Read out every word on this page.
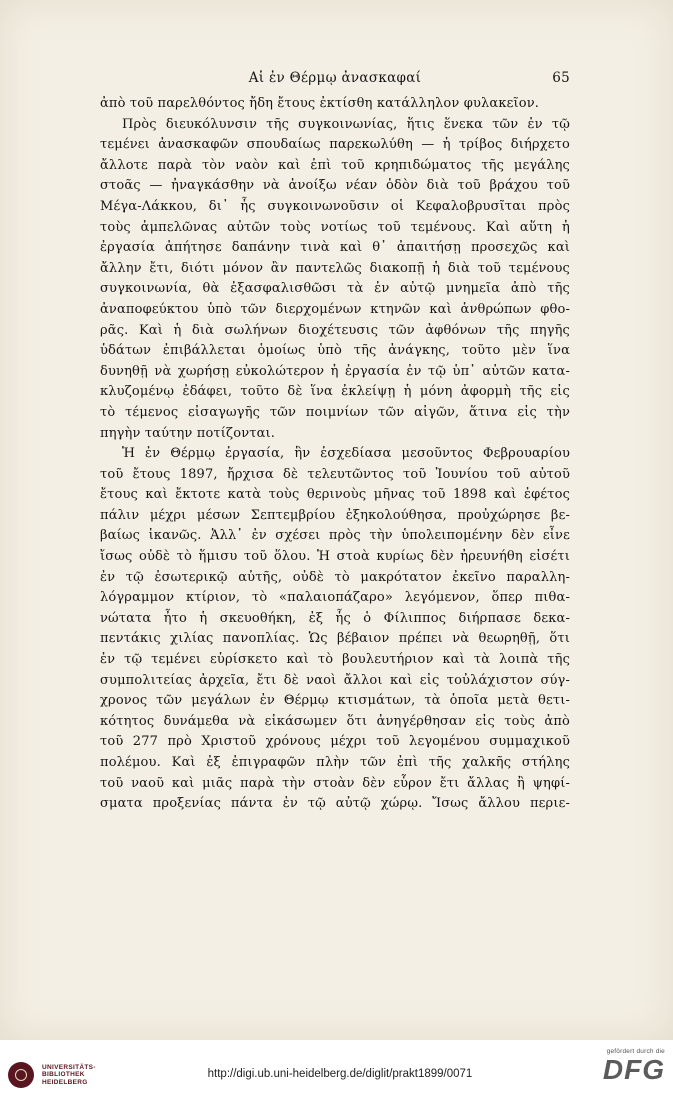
Αἱ ἐν Θέρμῳ ἀνασκαφαί	65
ἀπὸ τοῦ παρελθόντος ἤδη ἔτους ἐκτίσθη κατάλληλον φυλακεῖον.
Πρὸς διευκόλυνσιν τῆς συγκοινωνίας, ἥτις ἕνεκα τῶν ἐν τῷ
τεμένει ἀνασκαφῶν σπουδαίως παρεκωλύθη — ἡ τρίβος διήρχετο
ἄλλοτε παρὰ τὸν ναὸν καὶ ἐπὶ τοῦ κρηπιδώματος τῆς μεγάλης
στοᾶς — ἠναγκάσθην νὰ ἀνοίξω νέαν ὁδὸν διὰ τοῦ βράχου τοῦ
Μέγα-Λάκκου, δι᾽ ἧς συγκοινωνοῦσιν οἱ Κεφαλοβρυσῖται πρὸς
τοὺς ἀμπελῶνας αὐτῶν τοὺς νοτίως τοῦ τεμένους. Καὶ αὕτη ἡ
ἐργασία ἀπήτησε δαπάνην τινὰ καὶ θ᾽ ἀπαιτήσῃ προσεχῶς καὶ
ἄλλην ἔτι, διότι μόνον ἂν παντελῶς διακοπῇ ἡ διὰ τοῦ τεμένους
συγκοινωνία, θὰ ἐξασφαλισθῶσι τὰ ἐν αὐτῷ μνημεῖα ἀπὸ τῆς
ἀναποφεύκτου ὑπὸ τῶν διερχομένων κτηνῶν καὶ ἀνθρώπων φθο-
ρᾶς. Καὶ ἡ διὰ σωλήνων διοχέτευσις τῶν ἀφθόνων τῆς πηγῆς
ὑδάτων ἐπιβάλλεται ὁμοίως ὑπὸ τῆς ἀνάγκης, τοῦτο μὲν ἵνα
δυνηθῇ νὰ χωρήσῃ εὐκολώτερον ἡ ἐργασία ἐν τῷ ὑπ᾽ αὐτῶν κατα-
κλυζομένῳ ἐδάφει, τοῦτο δὲ ἵνα ἐκλείψῃ ἡ μόνη ἀφορμὴ τῆς εἰς
τὸ τέμενος εἰσαγωγῆς τῶν ποιμνίων τῶν αἰγῶν, ἅτινα εἰς τὴν
πηγὴν ταύτην ποτίζονται.
Ἡ ἐν Θέρμῳ ἐργασία, ἣν ἐσχεδίασα μεσοῦντος Φεβρουαρίου
τοῦ ἔτους 1897, ἤρχισα δὲ τελευτῶντος τοῦ Ἰουνίου τοῦ αὐτοῦ
ἔτους καὶ ἔκτοτε κατὰ τοὺς θερινοὺς μῆνας τοῦ 1898 καὶ ἐφέτος
πάλιν μέχρι μέσων Σεπτεμβρίου ἐξηκολούθησα, προὐχώρησε βε-
βαίως ἱκανῶς. Ἀλλ᾽ ἐν σχέσει πρὸς τὴν ὑπολειπομένην δὲν εἶνε
ἴσως οὐδὲ τὸ ἥμισυ τοῦ ὅλου. Ἡ στοὰ κυρίως δὲν ἠρευνήθη εἰσέτι
ἐν τῷ ἐσωτερικῷ αὐτῆς, οὐδὲ τὸ μακρότατον ἐκεῖνο παραλλη-
λόγραμμον κτίριον, τὸ «παλαιοπάζαρο» λεγόμενον, ὅπερ πιθα-
νώτατα ἦτο ἡ σκευοθήκη, ἐξ ἧς ὁ Φίλιππος διήρπασε δεκα-
πεντάκις χιλίας πανοπλίας. Ὡς βέβαιον πρέπει νὰ θεωρηθῇ, ὅτι
ἐν τῷ τεμένει εὑρίσκετο καὶ τὸ βουλευτήριον καὶ τὰ λοιπὰ τῆς
συμπολιτείας ἀρχεῖα, ἔτι δὲ ναοὶ ἄλλοι καὶ εἰς τοὐλάχιστον σύγ-
χρονος τῶν μεγάλων ἐν Θέρμῳ κτισμάτων, τὰ ὁποῖα μετὰ θετι-
κότητος δυνάμεθα νὰ εἰκάσωμεν ὅτι ἀνηγέρθησαν εἰς τοὺς ἀπὸ
τοῦ 277 πρὸ Χριστοῦ χρόνους μέχρι τοῦ λεγομένου συμμαχικοῦ
πολέμου. Καὶ ἐξ ἐπιγραφῶν πλὴν τῶν ἐπὶ τῆς χαλκῆς στήλης
τοῦ ναοῦ καὶ μιᾶς παρὰ τὴν στοὰν δὲν εὗρον ἔτι ἄλλας ἢ ψηφί-
σματα προξενίας πάντα ἐν τῷ αὐτῷ χώρῳ. Ἴσως ἄλλου περιε-
UNIVERSITÄTS-
BIBLIOTHEK
HEIDELBERG
http://digi.ub.uni-heidelberg.de/diglit/prakt1899/0071
gefördert durch die
DFG
